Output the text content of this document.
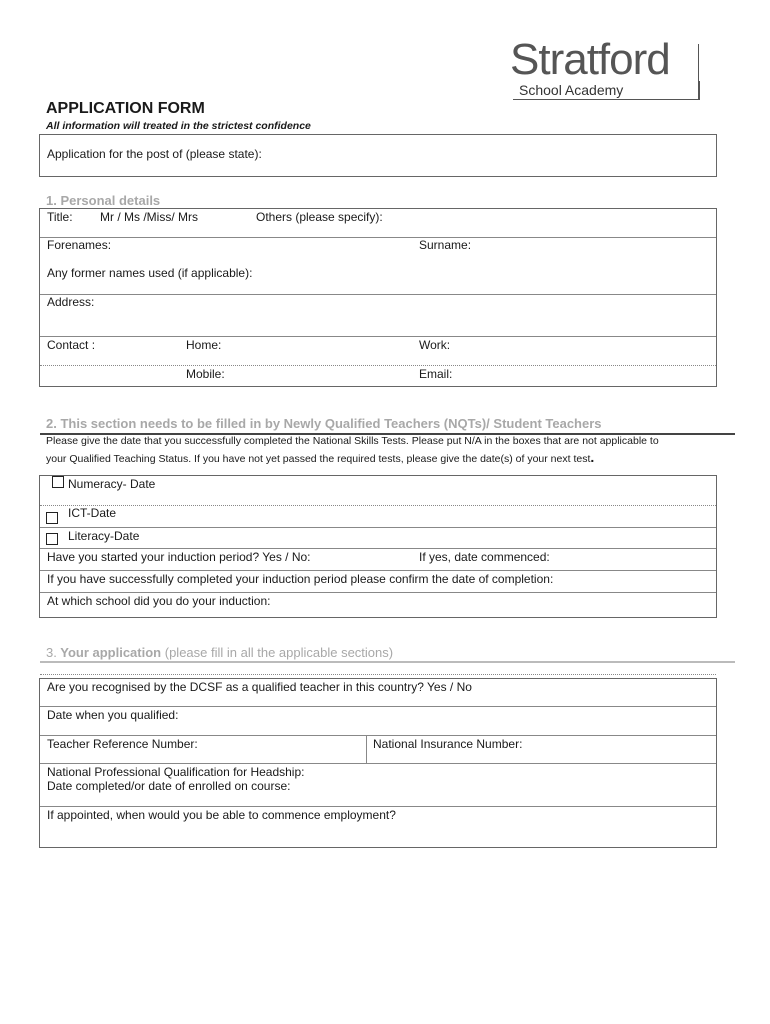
Stratford
School Academy
APPLICATION FORM
All information will treated in the strictest confidence
Application for the post of (please state):
1. Personal details
Title: Mr / Ms /Miss/ Mrs	Others (please specify):
Forenames:	Surname:
Any former names used (if applicable):
Address:
Contact :	Home:	Work:
Mobile:	Email:
2. This section needs to be filled in by Newly Qualified Teachers (NQTs)/ Student Teachers
Please give the date that you successfully completed the National Skills Tests. Please put N/A in the boxes that are not applicable to
your Qualified Teaching Status. If you have not yet passed the required tests, please give the date(s) of your next test.
Numeracy- Date
ICT-Date
Literacy-Date
Have you started your induction period? Yes / No:	If yes, date commenced:
If you have successfully completed your induction period please confirm the date of completion:
At which school did you do your induction:
3. Your application (please fill in all the applicable sections)
Are you recognised by the DCSF as a qualified teacher in this country? Yes / No
Date when you qualified:
Teacher Reference Number:	National Insurance Number:
National Professional Qualification for Headship:
Date completed/or date of enrolled on course:
If appointed, when would you be able to commence employment?
